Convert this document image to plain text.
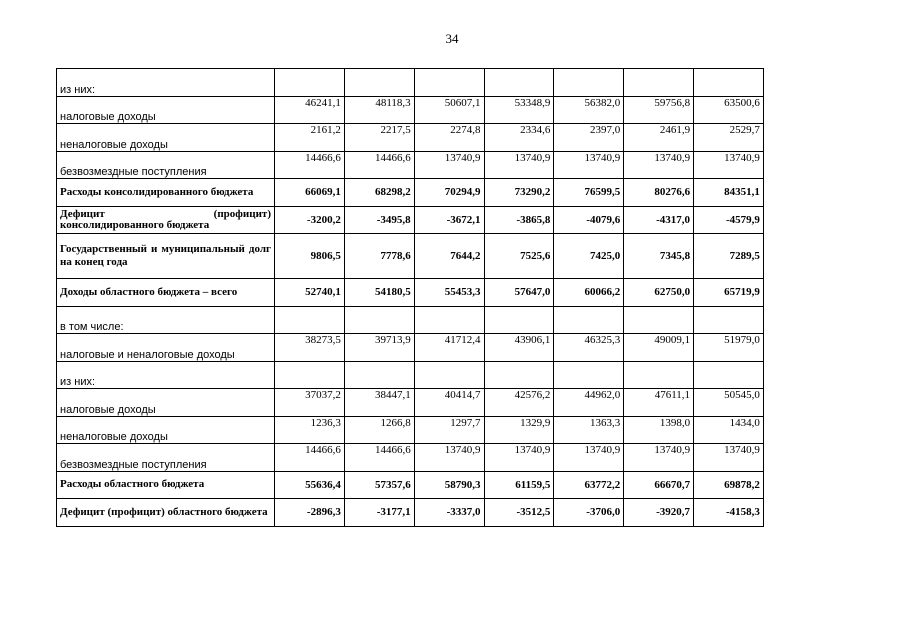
34
из них:							
налоговые доходы	46241,1	48118,3	50607,1	53348,9	56382,0	59756,8	63500,6
неналоговые доходы	2161,2	2217,5	2274,8	2334,6	2397,0	2461,9	2529,7
безвозмездные поступления	14466,6	14466,6	13740,9	13740,9	13740,9	13740,9	13740,9
Расходы консолидированного бюджета	66069,1	68298,2	70294,9	73290,2	76599,5	80276,6	84351,1
Дефицит (профицит) консолидированного бюджета	-3200,2	-3495,8	-3672,1	-3865,8	-4079,6	-4317,0	-4579,9
Государственный и муниципальный долг на конец года	9806,5	7778,6	7644,2	7525,6	7425,0	7345,8	7289,5
Доходы областного бюджета – всего	52740,1	54180,5	55453,3	57647,0	60066,2	62750,0	65719,9
в том числе:							
налоговые и неналоговые доходы	38273,5	39713,9	41712,4	43906,1	46325,3	49009,1	51979,0
из них:							
налоговые доходы	37037,2	38447,1	40414,7	42576,2	44962,0	47611,1	50545,0
неналоговые доходы	1236,3	1266,8	1297,7	1329,9	1363,3	1398,0	1434,0
безвозмездные поступления	14466,6	14466,6	13740,9	13740,9	13740,9	13740,9	13740,9
Расходы областного бюджета	55636,4	57357,6	58790,3	61159,5	63772,2	66670,7	69878,2
Дефицит (профицит) областного бюджета	-2896,3	-3177,1	-3337,0	-3512,5	-3706,0	-3920,7	-4158,3
